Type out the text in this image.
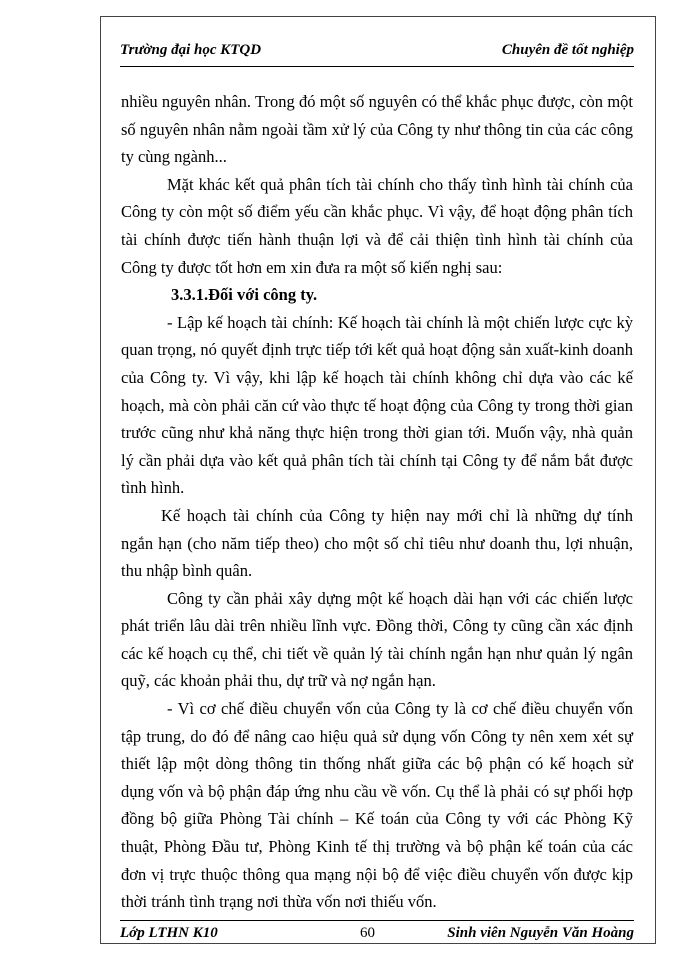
Trường đại học KTQD	Chuyên đề tốt nghiệp

nhiều nguyên nhân. Trong đó một số nguyên có thể khắc phục được, còn một số nguyên nhân nằm ngoài tầm xử lý của Công ty như thông tin của các công ty cùng ngành...

Mặt khác kết quả phân tích tài chính cho thấy tình hình tài chính của Công ty còn một số điểm yếu cần khắc phục. Vì vậy, để hoạt động phân tích tài chính được tiến hành thuận lợi và để cải thiện tình hình tài chính của Công ty được tốt hơn em xin đưa ra một số kiến nghị sau:

3.3.1.Đối với công ty.

- Lập kế hoạch tài chính: Kế hoạch tài chính là một chiến lược cực kỳ quan trọng, nó quyết định trực tiếp tới kết quả hoạt động sản xuất-kinh doanh của Công ty. Vì vậy, khi lập kế hoạch tài chính không chỉ dựa vào các kế hoạch, mà còn phải căn cứ vào thực tế hoạt động của Công ty trong thời gian trước cũng như khả năng thực hiện trong thời gian tới. Muốn vậy, nhà quản lý cần phải dựa vào kết quả phân tích tài chính tại Công ty để nắm bắt được tình hình.

Kế hoạch tài chính của Công ty hiện nay mới chỉ là những dự tính ngắn hạn (cho năm tiếp theo) cho một số chỉ tiêu như doanh thu, lợi nhuận, thu nhập bình quân.

Công ty cần phải xây dựng một kế hoạch dài hạn với các chiến lược phát triển lâu dài trên nhiều lĩnh vực. Đồng thời, Công ty cũng cần xác định các kế hoạch cụ thể, chi tiết về quản lý tài chính ngắn hạn như quản lý ngân quỹ, các khoản phải thu, dự trữ và nợ ngắn hạn.

- Vì cơ chế điều chuyển vốn của Công ty là cơ chế điều chuyển vốn tập trung, do đó để nâng cao hiệu quả sử dụng vốn Công ty nên xem xét sự thiết lập một dòng thông tin thống nhất giữa các bộ phận có kế hoạch sử dụng vốn và bộ phận đáp ứng nhu cầu về vốn. Cụ thể là phải có sự phối hợp đồng bộ giữa Phòng Tài chính – Kế toán của Công ty với các Phòng Kỹ thuật, Phòng Đầu tư, Phòng Kinh tế thị trường và bộ phận kế toán của các đơn vị trực thuộc thông qua mạng nội bộ để việc điều chuyển vốn được kịp thời tránh tình trạng nơi thừa vốn nơi thiếu vốn.

Lớp LTHN K10	60	Sinh viên Nguyễn Văn Hoàng
